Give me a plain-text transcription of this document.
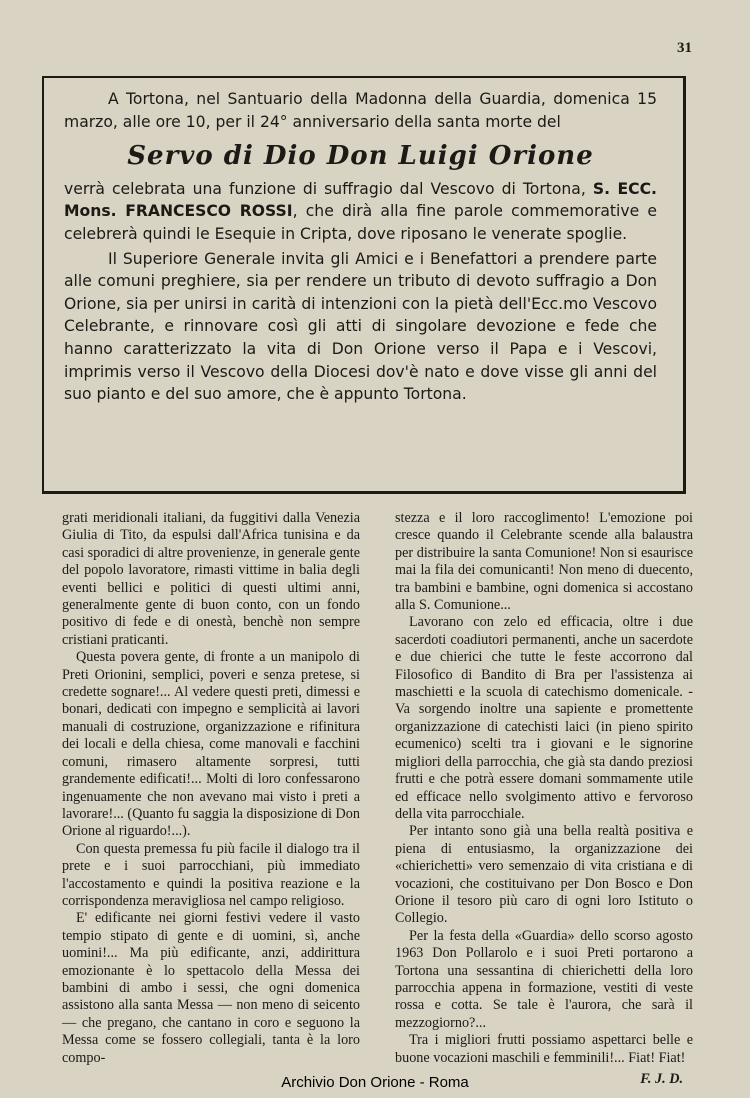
31

A Tortona, nel Santuario della Madonna della Guardia, domenica 15 marzo, alle ore 10, per il 24° anniversario della santa morte del

Servo di Dio Don Luigi Orione

verrà celebrata una funzione di suffragio dal Vescovo di Tortona, S. ECC. Mons. FRANCESCO ROSSI, che dirà alla fine parole commemorative e celebrerà quindi le Esequie in Cripta, dove riposano le venerate spoglie.

Il Superiore Generale invita gli Amici e i Benefattori a prendere parte alle comuni preghiere, sia per rendere un tributo di devoto suffragio a Don Orione, sia per unirsi in carità di intenzioni con la pietà dell'Ecc.mo Vescovo Celebrante, e rinnovare così gli atti di singolare devozione e fede che hanno caratterizzato la vita di Don Orione verso il Papa e i Vescovi, imprimis verso il Vescovo della Diocesi dov'è nato e dove visse gli anni del suo pianto e del suo amore, che è appunto Tortona.

grati meridionali italiani, da fuggitivi dalla Venezia Giulia di Tito, da espulsi dall'Africa tunisina e da casi sporadici di altre provenienze, in generale gente del popolo lavoratore, rimasti vittime in balia degli eventi bellici e politici di questi ultimi anni, generalmente gente di buon conto, con un fondo positivo di fede e di onestà, benchè non sempre cristiani praticanti.

Questa povera gente, di fronte a un manipolo di Preti Orionini, semplici, poveri e senza pretese, si credette sognare!... Al vedere questi preti, dimessi e bonari, dedicati con impegno e semplicità ai lavori manuali di costruzione, organizzazione e rifinitura dei locali e della chiesa, come manovali e facchini comuni, rimasero altamente sorpresi, tutti grandemente edificati!... Molti di loro confessarono ingenuamente che non avevano mai visto i preti a lavorare!... (Quanto fu saggia la disposizione di Don Orione al riguardo!...).

Con questa premessa fu più facile il dialogo tra il prete e i suoi parrocchiani, più immediato l'accostamento e quindi la positiva reazione e la corrispondenza meravigliosa nel campo religioso.

E' edificante nei giorni festivi vedere il vasto tempio stipato di gente e di uomini, sì, anche uomini!... Ma più edificante, anzi, addirittura emozionante è lo spettacolo della Messa dei bambini di ambo i sessi, che ogni domenica assistono alla santa Messa — non meno di seicento — che pregano, che cantano in coro e seguono la Messa come se fossero collegiali, tanta è la loro compo-

stezza e il loro raccoglimento! L'emozione poi cresce quando il Celebrante scende alla balaustra per distribuire la santa Comunione! Non si esaurisce mai la fila dei comunicanti! Non meno di duecento, tra bambini e bambine, ogni domenica si accostano alla S. Comunione...

Lavorano con zelo ed efficacia, oltre i due sacerdoti coadiutori permanenti, anche un sacerdote e due chierici che tutte le feste accorrono dal Filosofico di Bandito di Bra per l'assistenza ai maschietti e la scuola di catechismo domenicale. - Va sorgendo inoltre una sapiente e promettente organizzazione di catechisti laici (in pieno spirito ecumenico) scelti tra i giovani e le signorine migliori della parrocchia, che già sta dando preziosi frutti e che potrà essere domani sommamente utile ed efficace nello svolgimento attivo e fervoroso della vita parrocchiale.

Per intanto sono già una bella realtà positiva e piena di entusiasmo, la organizzazione dei «chierichetti» vero semenzaio di vita cristiana e di vocazioni, che costituivano per Don Bosco e Don Orione il tesoro più caro di ogni loro Istituto o Collegio.

Per la festa della «Guardia» dello scorso agosto 1963 Don Pollarolo e i suoi Preti portarono a Tortona una sessantina di chierichetti della loro parrocchia appena in formazione, vestiti di veste rossa e cotta. Se tale è l'aurora, che sarà il mezzogiorno?...

Tra i migliori frutti possiamo aspettarci belle e buone vocazioni maschili e femminili!... Fiat! Fiat!

F. J. D.

Archivio Don Orione - Roma
